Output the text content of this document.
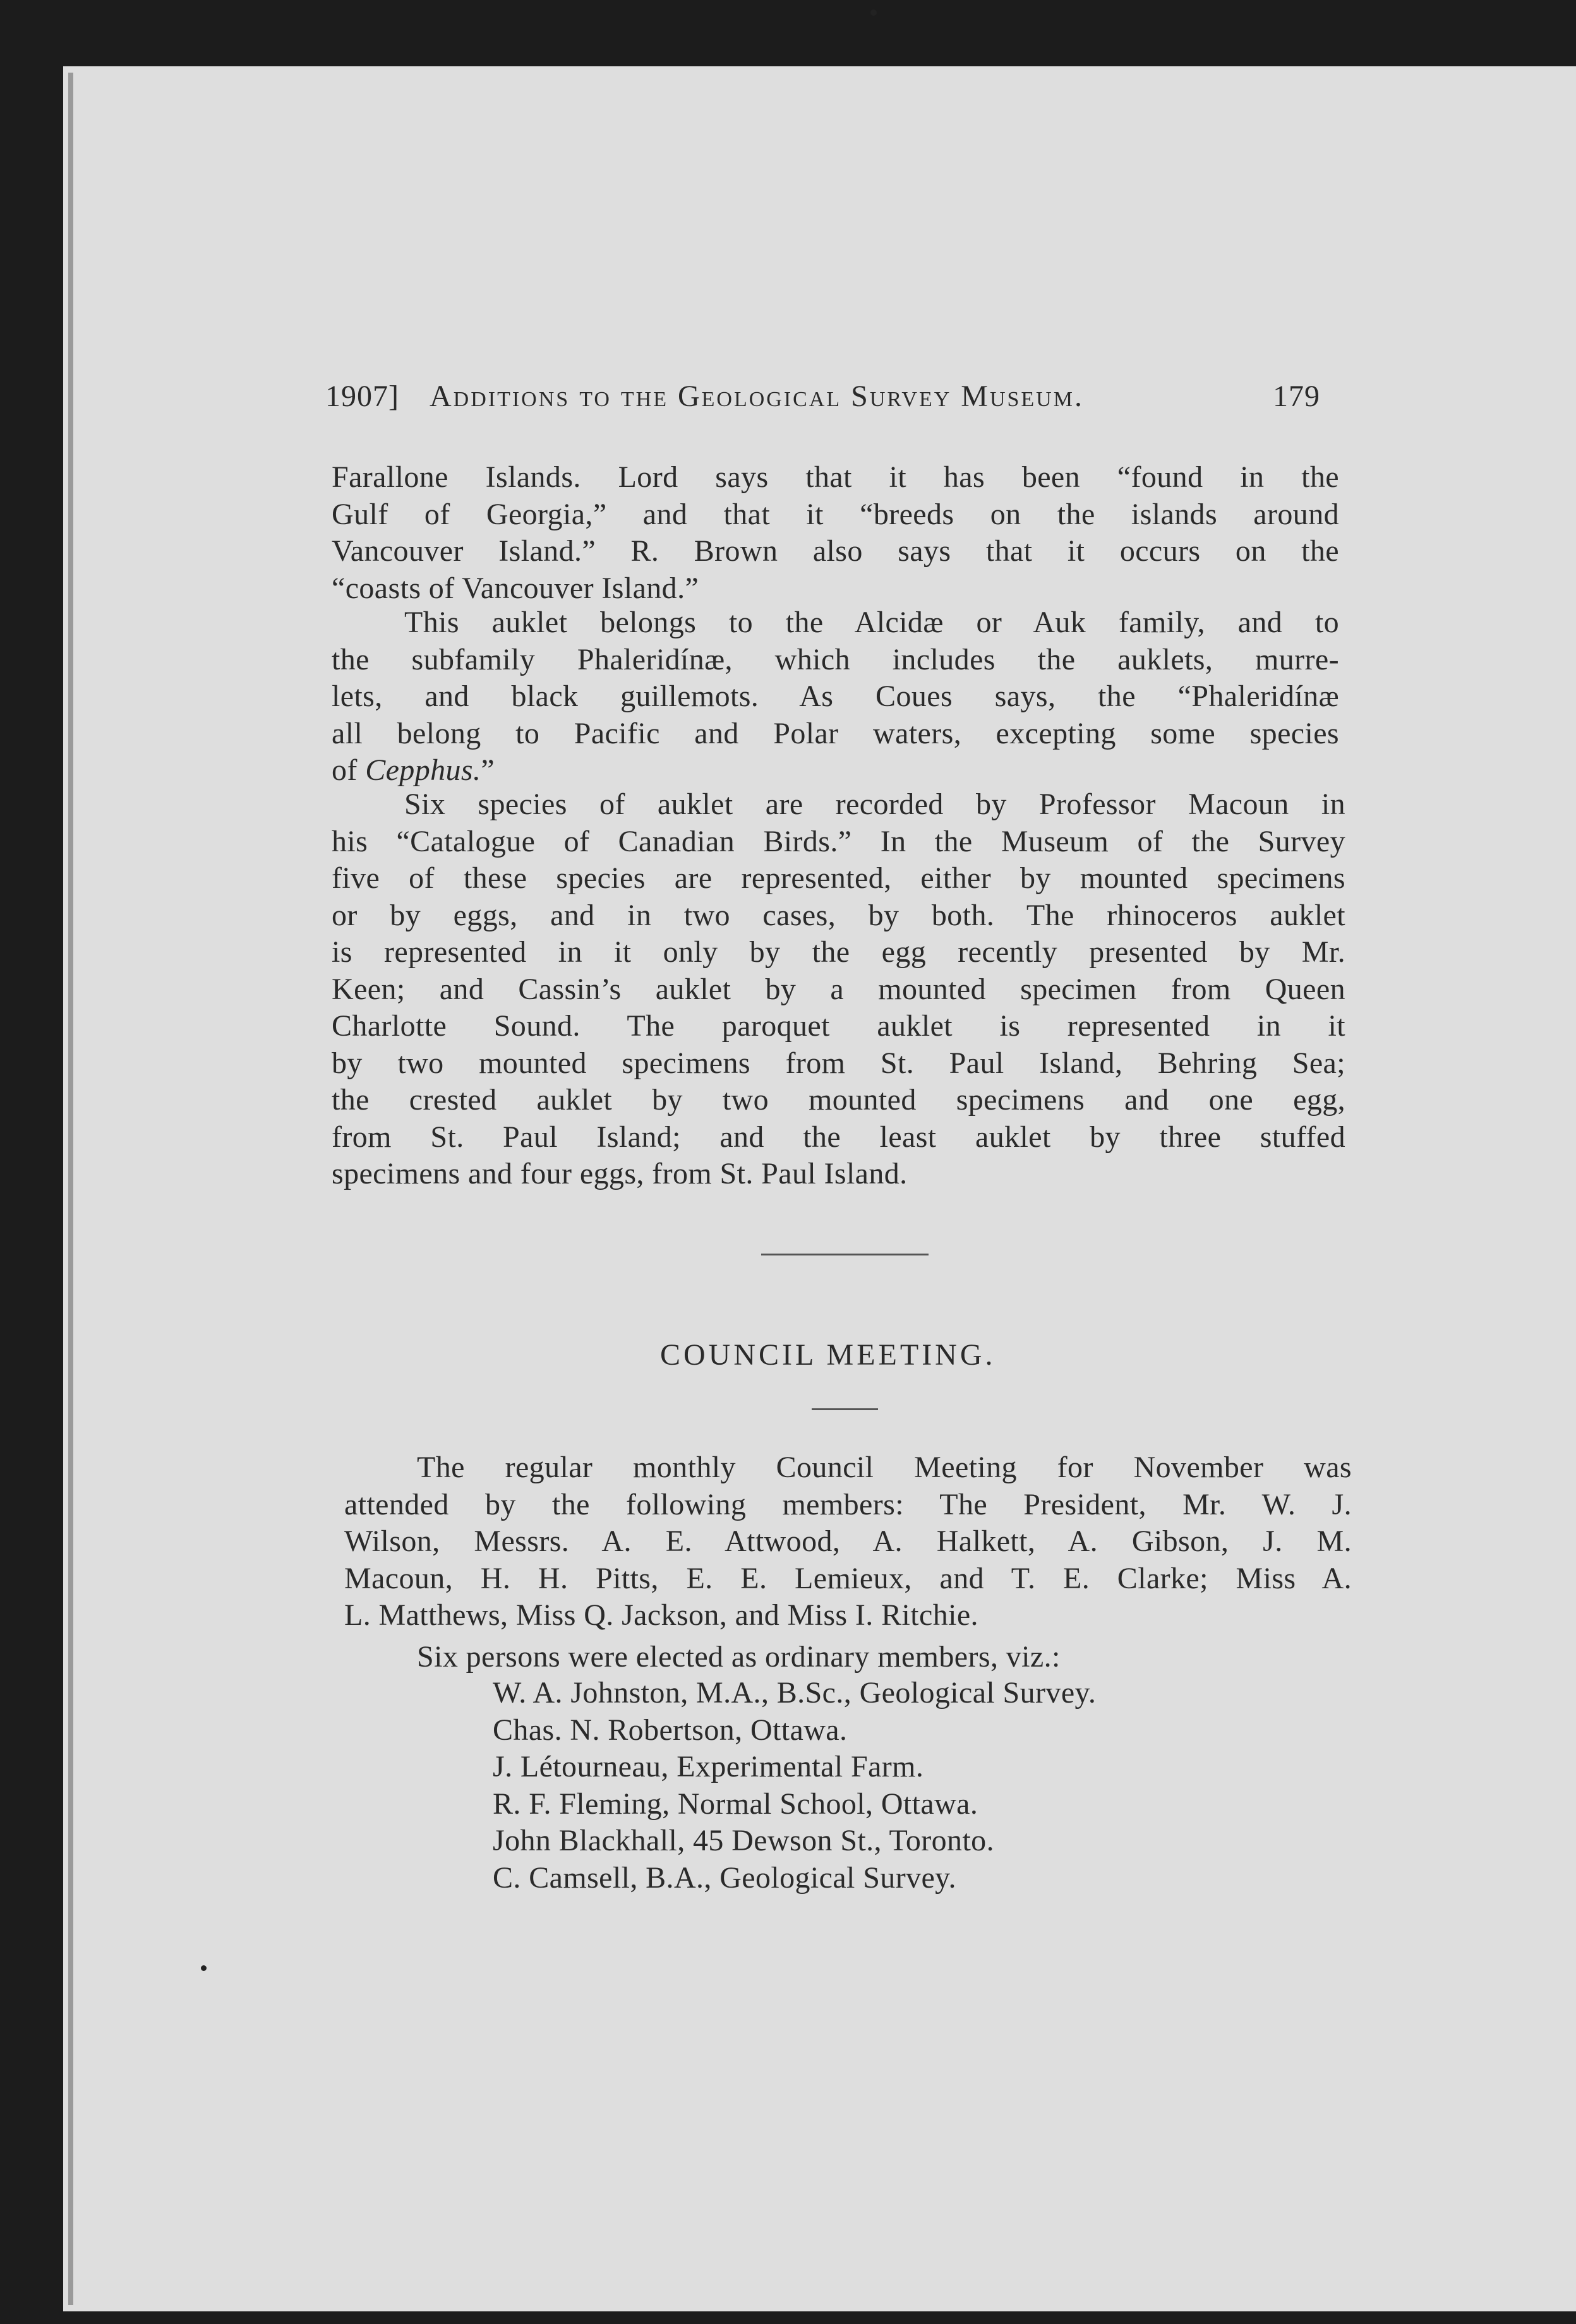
1907] Additions to the Geological Survey Museum.	179
Farallone Islands. Lord says that it has been “found in the
Gulf of Georgia,” and that it “breeds on the islands around
Vancouver Island.” R. Brown also says that it occurs on the
“coasts of Vancouver Island.”
This auklet belongs to the Alcidæ or Auk family, and to
the subfamily Phaleridínæ, which includes the auklets, murre-
lets, and black guillemots. As Coues says, the “Phaleridínæ
all belong to Pacific and Polar waters, excepting some species
of Cepphus.”
Six species of auklet are recorded by Professor Macoun in
his “Catalogue of Canadian Birds.” In the Museum of the Survey
five of these species are represented, either by mounted specimens
or by eggs, and in two cases, by both. The rhinoceros auklet
is represented in it only by the egg recently presented by Mr.
Keen; and Cassin’s auklet by a mounted specimen from Queen
Charlotte Sound. The paroquet auklet is represented in it
by two mounted specimens from St. Paul Island, Behring Sea;
the crested auklet by two mounted specimens and one egg,
from St. Paul Island; and the least auklet by three stuffed
specimens and four eggs, from St. Paul Island.
COUNCIL MEETING.
The regular monthly Council Meeting for November was
attended by the following members: The President, Mr. W. J.
Wilson, Messrs. A. E. Attwood, A. Halkett, A. Gibson, J. M.
Macoun, H. H. Pitts, E. E. Lemieux, and T. E. Clarke; Miss A.
L. Matthews, Miss Q. Jackson, and Miss I. Ritchie.
Six persons were elected as ordinary members, viz.:
W. A. Johnston, M.A., B.Sc., Geological Survey.
Chas. N. Robertson, Ottawa.
J. Létourneau, Experimental Farm.
R. F. Fleming, Normal School, Ottawa.
John Blackhall, 45 Dewson St., Toronto.
C. Camsell, B.A., Geological Survey.
